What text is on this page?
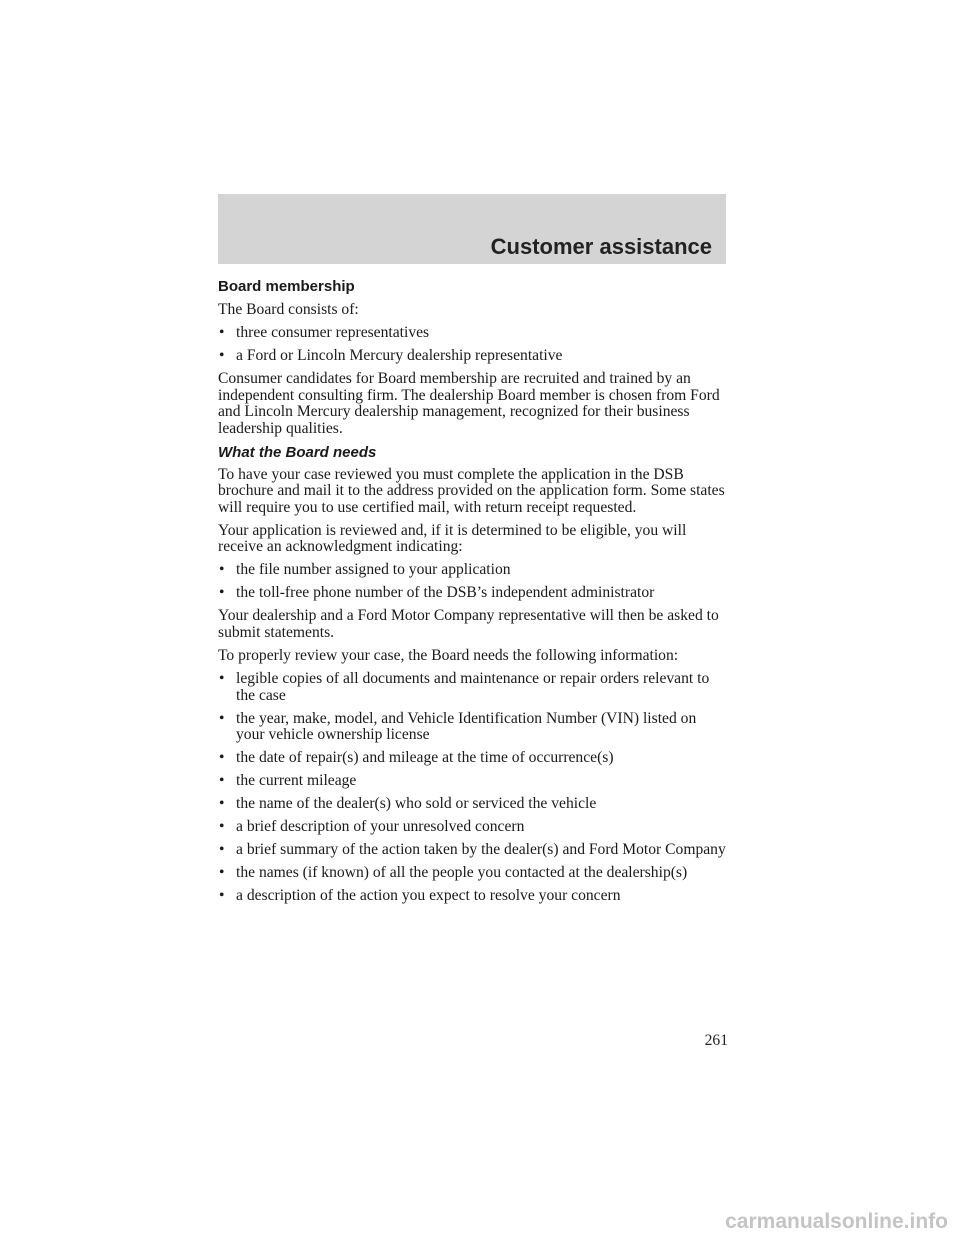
Customer assistance
Board membership
The Board consists of:
• three consumer representatives
• a Ford or Lincoln Mercury dealership representative
Consumer candidates for Board membership are recruited and trained by an independent consulting firm. The dealership Board member is chosen from Ford and Lincoln Mercury dealership management, recognized for their business leadership qualities.
What the Board needs
To have your case reviewed you must complete the application in the DSB brochure and mail it to the address provided on the application form. Some states will require you to use certified mail, with return receipt requested.
Your application is reviewed and, if it is determined to be eligible, you will receive an acknowledgment indicating:
• the file number assigned to your application
• the toll-free phone number of the DSB’s independent administrator
Your dealership and a Ford Motor Company representative will then be asked to submit statements.
To properly review your case, the Board needs the following information:
• legible copies of all documents and maintenance or repair orders relevant to the case
• the year, make, model, and Vehicle Identification Number (VIN) listed on your vehicle ownership license
• the date of repair(s) and mileage at the time of occurrence(s)
• the current mileage
• the name of the dealer(s) who sold or serviced the vehicle
• a brief description of your unresolved concern
• a brief summary of the action taken by the dealer(s) and Ford Motor Company
• the names (if known) of all the people you contacted at the dealership(s)
• a description of the action you expect to resolve your concern
261
carmanualsonline.info
